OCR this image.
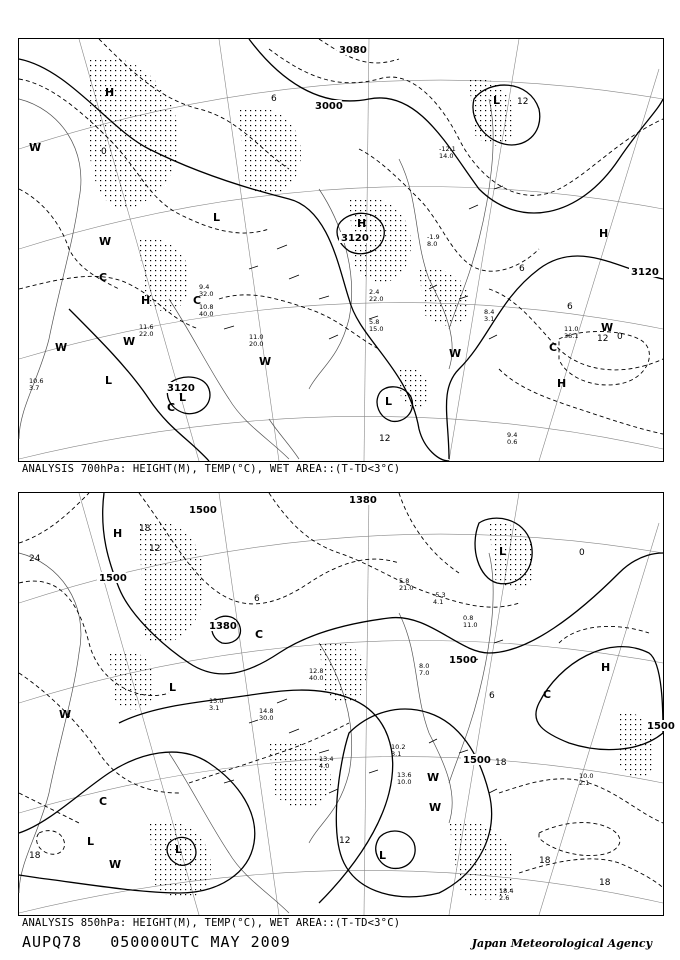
3000
3120
3120
3120
3080
12
6
0
6
12
0
6
12
H
H
H
H
H
L
L
L
L
L
W
W
W	W
W
W
W
C
C
C
C
9.4
0.6
11.6
22.0
10.6
3.7
11.0
38.1
9.4
32.0
11.0
20.0
10.8
40.0
5.8
15.0
2.4
22.0
-1.9
8.0
-12.1
14.0
8.4
3.1
ANALYSIS 700hPa: HEIGHT(M), TEMP(°C), WET AREA::(T-TD<3°C)
1380
1500
1500
1380
1500
1500
1500
24
18
12
6
0
6
12
18
18
18
18
H
H
L
L
L
L	L
W
W
W
W
C
C
C
18.4
2.6
10.2
3.1
13.6
10.0
10.0
2.1
12.8
40.0
14.8
30.0
13.4
4.0
15.0
3.1
8.0
7.0
5.8
21.0
-5.3
4.1
0.8
11.0
ANALYSIS 850hPa: HEIGHT(M), TEMP(°C), WET AREA::(T-TD<3°C)
AUPQ78 050000UTC MAY 2009	Japan Meteorological Agency
